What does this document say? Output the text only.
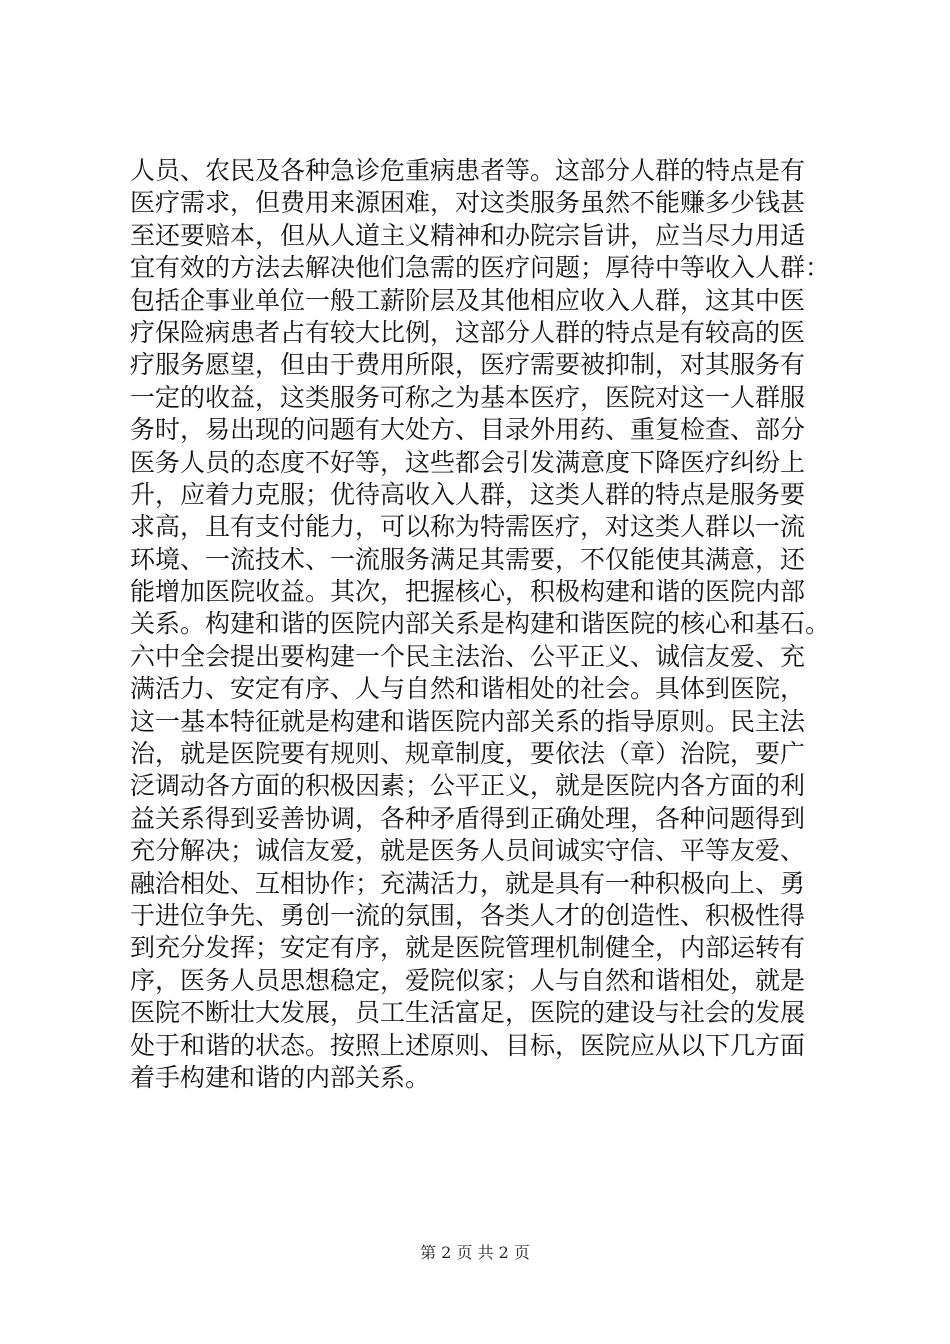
人员、农民及各种急诊危重病患者等。这部分人群的特点是有
医疗需求，但费用来源困难，对这类服务虽然不能赚多少钱甚
至还要赔本，但从人道主义精神和办院宗旨讲，应当尽力用适
宜有效的方法去解决他们急需的医疗问题；厚待中等收入人群：
包括企事业单位一般工薪阶层及其他相应收入人群，这其中医
疗保险病患者占有较大比例，这部分人群的特点是有较高的医
疗服务愿望，但由于费用所限，医疗需要被抑制，对其服务有
一定的收益，这类服务可称之为基本医疗，医院对这一人群服
务时，易出现的问题有大处方、目录外用药、重复检查、部分
医务人员的态度不好等，这些都会引发满意度下降医疗纠纷上
升，应着力克服；优待高收入人群，这类人群的特点是服务要
求高，且有支付能力，可以称为特需医疗，对这类人群以一流
环境、一流技术、一流服务满足其需要，不仅能使其满意，还
能增加医院收益。其次，把握核心，积极构建和谐的医院内部
关系。构建和谐的医院内部关系是构建和谐医院的核心和基石。
六中全会提出要构建一个民主法治、公平正义、诚信友爱、充
满活力、安定有序、人与自然和谐相处的社会。具体到医院，
这一基本特征就是构建和谐医院内部关系的指导原则。民主法
治，就是医院要有规则、规章制度，要依法（章）治院，要广
泛调动各方面的积极因素；公平正义，就是医院内各方面的利
益关系得到妥善协调，各种矛盾得到正确处理，各种问题得到
充分解决；诚信友爱，就是医务人员间诚实守信、平等友爱、
融洽相处、互相协作；充满活力，就是具有一种积极向上、勇
于进位争先、勇创一流的氛围，各类人才的创造性、积极性得
到充分发挥；安定有序，就是医院管理机制健全，内部运转有
序，医务人员思想稳定，爱院似家；人与自然和谐相处，就是
医院不断壮大发展，员工生活富足，医院的建设与社会的发展
处于和谐的状态。按照上述原则、目标，医院应从以下几方面
着手构建和谐的内部关系。
第 2 页 共 2 页
